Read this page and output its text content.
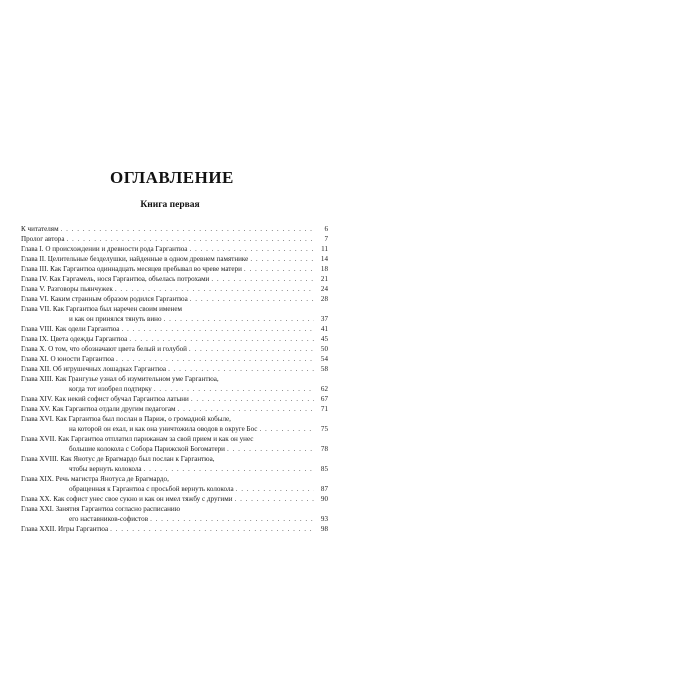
ОГЛАВЛЕНИЕ
Книга первая
К читателям . . .	6
Пролог автора . . .	7
Глава I. О происхождении и древности рода Гаргантюа . . .	11
Глава II. Целительные безделушки, найденные в одном древнем памятнике . . .	14
Глава III. Как Гаргантюа одиннадцать месяцев пребывал во чреве матери . . .	18
Глава IV. Как Гаргамель, нося Гаргантюа, объелась потрохами . . .	21
Глава V. Разговоры пьянчужек . . .	24
Глава VI. Каким странным образом родился Гаргантюа . . .	28
Глава VII. Как Гаргантюа был наречен своим именем
и как он принялся тянуть вино . . .	37
Глава VIII. Как одели Гаргантюа . . .	41
Глава IX. Цвета одежды Гаргантюа . . .	45
Глава X. О том, что обозначают цвета белый и голубой . . .	50
Глава XI. О юности Гаргантюа . . .	54
Глава XII. Об игрушечных лошадках Гаргантюа . . .	58
Глава XIII. Как Грангузье узнал об изумительном уме Гаргантюа,
когда тот изобрел подтирку . . .	62
Глава XIV. Как некий софист обучал Гаргантюа латыни . . .	67
Глава XV. Как Гаргантюа отдали другим педагогам . . .	71
Глава XVI. Как Гаргантюа был послан в Париж, о громадной кобыле,
на которой он ехал, и как она уничтожила оводов в округе Бос . . .	75
Глава XVII. Как Гаргантюа отплатил парижанам за свой прием и как он унес
большие колокола с Собора Парижской Богоматери . . .	78
Глава XVIII. Как Янотус де Брагмардо был послан к Гаргантюа,
чтобы вернуть колокола . . .	85
Глава XIX. Речь магистра Янотуса де Брагмардо,
обращенная к Гаргантюа с просьбой вернуть колокола . . .	87
Глава XX. Как софист унес свое сукно и как он имел тяжбу с другими . . .	90
Глава XXI. Занятия Гаргантюа согласно расписанию
его наставников-софистов . . .	93
Глава XXII. Игры Гаргантюа . . .	98
